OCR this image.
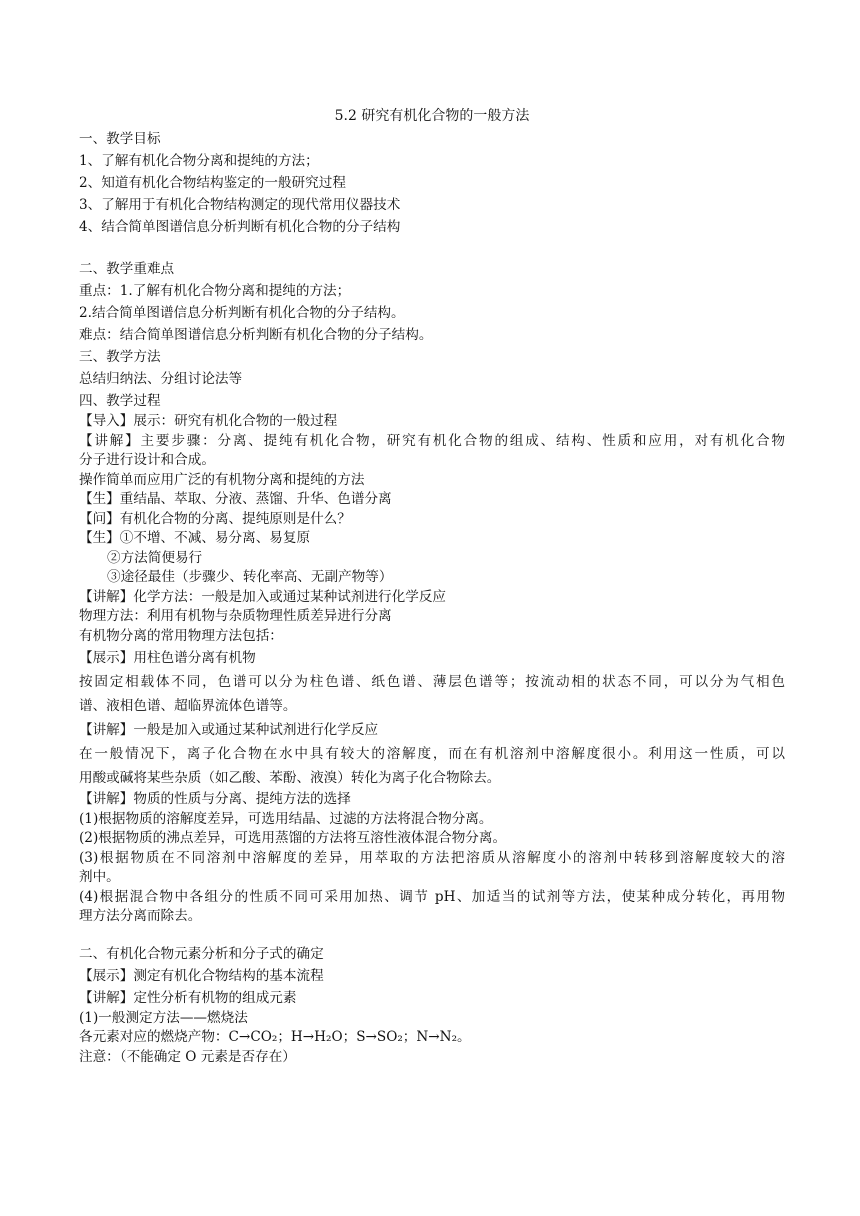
5.2 研究有机化合物的一般方法
一、教学目标
1、了解有机化合物分离和提纯的方法；
2、知道有机化合物结构鉴定的一般研究过程
3、了解用于有机化合物结构测定的现代常用仪器技术
4、结合简单图谱信息分析判断有机化合物的分子结构
二、教学重难点
重点：1.了解有机化合物分离和提纯的方法；
2.结合简单图谱信息分析判断有机化合物的分子结构。
难点：结合简单图谱信息分析判断有机化合物的分子结构。
三、教学方法
总结归纳法、分组讨论法等
四、教学过程
【导入】展示：研究有机化合物的一般过程
【讲解】主要步骤：分离、提纯有机化合物，研究有机化合物的组成、结构、性质和应用，对有机化合物
分子进行设计和合成。
操作简单而应用广泛的有机物分离和提纯的方法
【生】重结晶、萃取、分液、蒸馏、升华、色谱分离
【问】有机化合物的分离、提纯原则是什么？
【生】①不增、不减、易分离、易复原
②方法简便易行
③途径最佳（步骤少、转化率高、无副产物等）
【讲解】化学方法：一般是加入或通过某种试剂进行化学反应
物理方法：利用有机物与杂质物理性质差异进行分离
有机物分离的常用物理方法包括：
【展示】用柱色谱分离有机物
按固定相载体不同，色谱可以分为柱色谱、纸色谱、薄层色谱等；按流动相的状态不同，可以分为气相色
谱、液相色谱、超临界流体色谱等。
【讲解】一般是加入或通过某种试剂进行化学反应
在一般情况下，离子化合物在水中具有较大的溶解度，而在有机溶剂中溶解度很小。利用这一性质，可以
用酸或碱将某些杂质（如乙酸、苯酚、液溴）转化为离子化合物除去。
【讲解】物质的性质与分离、提纯方法的选择
(1)根据物质的溶解度差异，可选用结晶、过滤的方法将混合物分离。
(2)根据物质的沸点差异，可选用蒸馏的方法将互溶性液体混合物分离。
(3)根据物质在不同溶剂中溶解度的差异，用萃取的方法把溶质从溶解度小的溶剂中转移到溶解度较大的溶
剂中。
(4)根据混合物中各组分的性质不同可采用加热、调节 pH、加适当的试剂等方法，使某种成分转化，再用物
理方法分离而除去。
二、有机化合物元素分析和分子式的确定
【展示】测定有机化合物结构的基本流程
【讲解】定性分析有机物的组成元素
(1)一般测定方法——燃烧法
各元素对应的燃烧产物：C→CO₂；H→H₂O；S→SO₂；N→N₂。
注意：（不能确定 O 元素是否存在）
